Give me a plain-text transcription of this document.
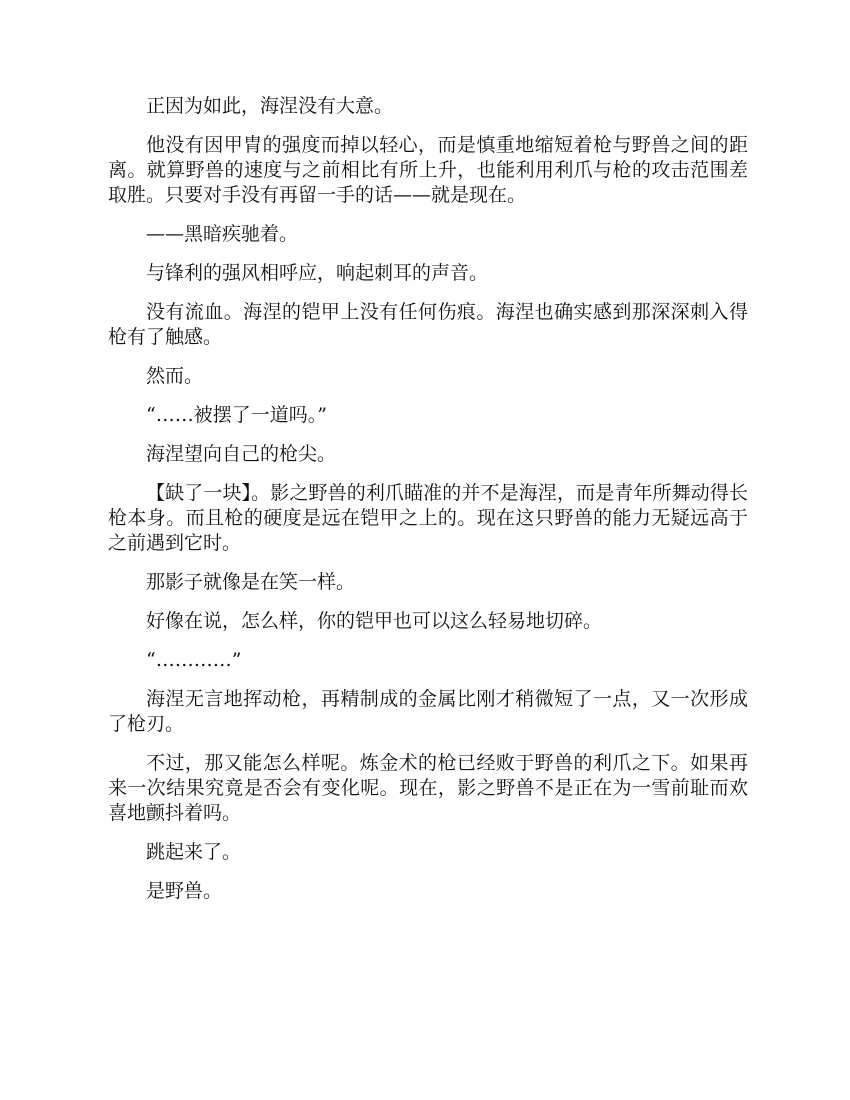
正因为如此，海涅没有大意。

他没有因甲胄的强度而掉以轻心，而是慎重地缩短着枪与野兽之间的距离。就算野兽的速度与之前相比有所上升，也能利用利爪与枪的攻击范围差取胜。只要对手没有再留一手的话——就是现在。

——黑暗疾驰着。

与锋利的强风相呼应，响起刺耳的声音。

没有流血。海涅的铠甲上没有任何伤痕。海涅也确实感到那深深刺入得枪有了触感。

然而。

“……被摆了一道吗。”

海涅望向自己的枪尖。

【缺了一块】。影之野兽的利爪瞄准的并不是海涅，而是青年所舞动得长枪本身。而且枪的硬度是远在铠甲之上的。现在这只野兽的能力无疑远高于之前遇到它时。

那影子就像是在笑一样。

好像在说，怎么样，你的铠甲也可以这么轻易地切碎。

“…………”

海涅无言地挥动枪，再精制成的金属比刚才稍微短了一点，又一次形成了枪刃。

不过，那又能怎么样呢。炼金术的枪已经败于野兽的利爪之下。如果再来一次结果究竟是否会有变化呢。现在，影之野兽不是正在为一雪前耻而欢喜地颤抖着吗。

跳起来了。

是野兽。
